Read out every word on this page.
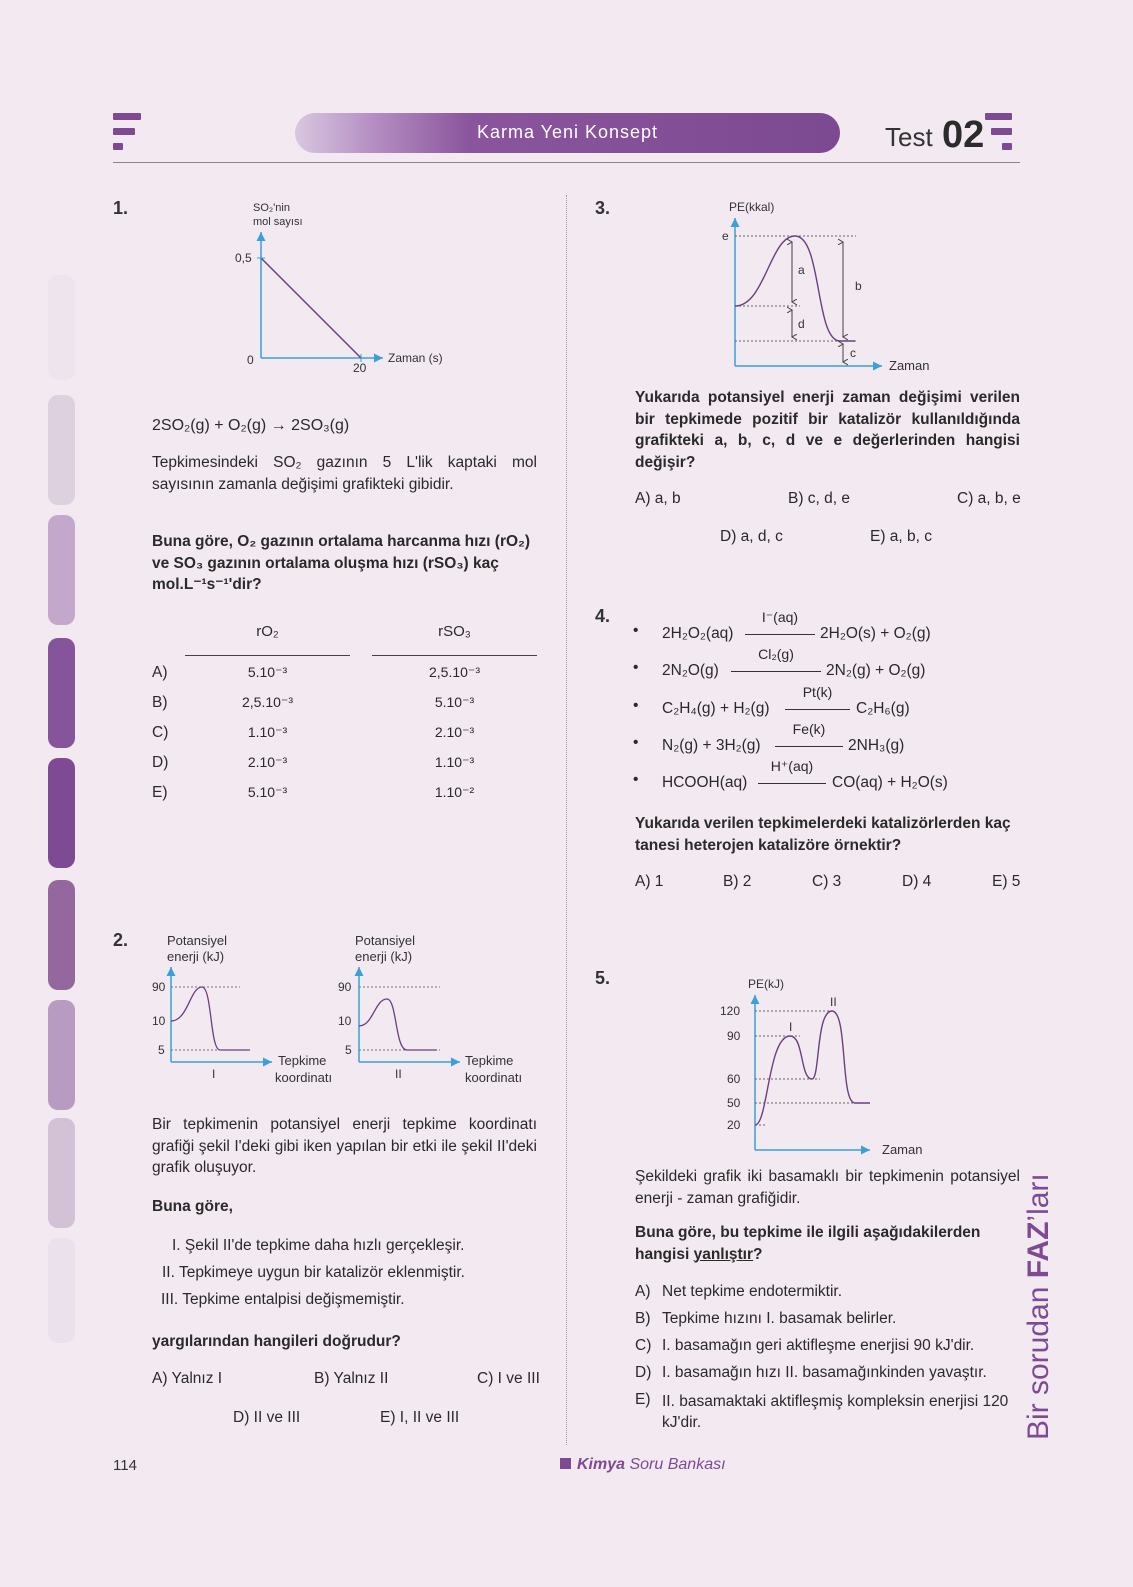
Karma Yeni Konsept	Test 02
1.	SO₂'nin
mol sayısı
0,5
0
20
Zaman (s)
2SO₂(g) + O₂(g) → 2SO₃(g)
Tepkimesindeki SO₂ gazının 5 L'lik kaptaki mol sayısının zamanla değişimi grafikteki gibidir.
Buna göre, O₂ gazının ortalama harcanma hızı (rO₂) ve SO₃ gazının ortalama oluşma hızı (rSO₃) kaç mol.L⁻¹s⁻¹'dir?
rO₂	rSO₃
A)	5.10⁻³	2,5.10⁻³
B)	2,5.10⁻³	5.10⁻³
C)	1.10⁻³	2.10⁻³
D)	2.10⁻³	1.10⁻³
E)	5.10⁻³	1.10⁻²
2.	Potansiyel
enerji (kJ)
90
10
5
Tepkime
koordinatı
I
Potansiyel
enerji (kJ)
90
10
5
Tepkime
koordinatı
II
Bir tepkimenin potansiyel enerji tepkime koordinatı grafiği şekil I'deki gibi iken yapılan bir etki ile şekil II'deki grafik oluşuyor.
Buna göre,
I. Şekil II'de tepkime daha hızlı gerçekleşir.
II. Tepkimeye uygun bir katalizör eklenmiştir.
III. Tepkime entalpisi değişmemiştir.
yargılarından hangileri doğrudur?
A) Yalnız I	B) Yalnız II	C) I ve III
D) II ve III	E) I, II ve III
3.	PE(kkal)
e
a
b
d
c
Zaman
Yukarıda potansiyel enerji zaman değişimi verilen bir tepkimede pozitif bir katalizör kullanıldığında grafikteki a, b, c, d ve e değerlerinden hangisi değişir?
A) a, b	B) c, d, e	C) a, b, e
D) a, d, c	E) a, b, c
4.
• 2H₂O₂(aq)
I⁻(aq)
2H₂O(s) + O₂(g)
• 2N₂O(g)
Cl₂(g)
2N₂(g) + O₂(g)
• C₂H₄(g) + H₂(g)
Pt(k)
C₂H₆(g)
• N₂(g) + 3H₂(g)
Fe(k)
2NH₃(g)
• HCOOH(aq)
H⁺(aq)
CO(aq) + H₂O(s)
Yukarıda verilen tepkimelerdeki katalizörlerden kaç tanesi heterojen katalizöre örnektir?
A) 1	B) 2	C) 3	D) 4	E) 5
5.	PE(kJ)
120
90
60
50
20
I
II
Zaman
Şekildeki grafik iki basamaklı bir tepkimenin potansiyel enerji - zaman grafiğidir.
Buna göre, bu tepkime ile ilgili aşağıdakilerden hangisi yanlıştır?
A) Net tepkime endotermiktir.
B) Tepkime hızını I. basamak belirler.
C) I. basamağın geri aktifleşme enerjisi 90 kJ'dir.
D) I. basamağın hızı II. basamağınkinden yavaştır.
E) II. basamaktaki aktifleşmiş kompleksin enerjisi 120 kJ'dir.	Bir sorudan FAZ’ları
114	Kimya Soru Bankası
